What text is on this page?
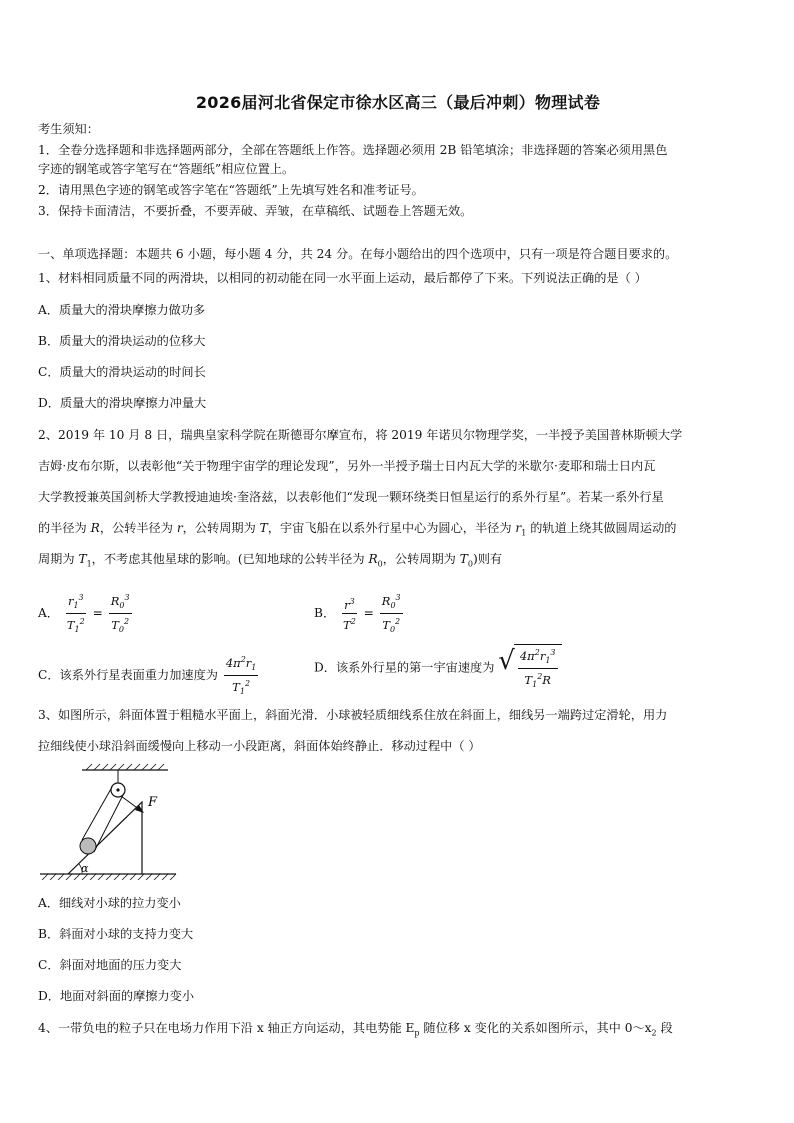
2026届河北省保定市徐水区高三（最后冲刺）物理试卷
考生须知：
1．全卷分选择题和非选择题两部分，全部在答题纸上作答。选择题必须用 2B 铅笔填涂；非选择题的答案必须用黑色
字迹的钢笔或答字笔写在“答题纸”相应位置上。
2．请用黑色字迹的钢笔或答字笔在“答题纸”上先填写姓名和准考证号。
3．保持卡面清洁，不要折叠，不要弄破、弄皱，在草稿纸、试题卷上答题无效。
一、单项选择题：本题共 6 小题，每小题 4 分，共 24 分。在每小题给出的四个选项中，只有一项是符合题目要求的。
1、材料相同质量不同的两滑块，以相同的初动能在同一水平面上运动，最后都停了下来。下列说法正确的是（ ）
A．质量大的滑块摩擦力做功多
B．质量大的滑块运动的位移大
C．质量大的滑块运动的时间长
D．质量大的滑块摩擦力冲量大
2、2019 年 10 月 8 日，瑞典皇家科学院在斯德哥尔摩宣布，将 2019 年诺贝尔物理学奖，一半授予美国普林斯顿大学
吉姆·皮布尔斯，以表彰他“关于物理宇宙学的理论发现”，另外一半授予瑞士日内瓦大学的米歇尔·麦耶和瑞士日内瓦
大学教授兼英国剑桥大学教授迪迪埃·奎洛兹，以表彰他们“发现一颗环绕类日恒星运行的系外行星”。若某一系外行星
的半径为 R，公转半径为 r，公转周期为 T，宇宙飞船在以系外行星中心为圆心，半径为 $r_1$ 的轨道上绕其做圆周运动的
周期为 $T_1$，不考虑其他星球的影响。(已知地球的公转半径为 $R_0$，公转周期为 $T_0$)则有
A． $\frac{r_1^3}{T_1^2} = \frac{R_0^3}{T_0^2}$	B． $\frac{r^3}{T^2} = \frac{R_0^3}{T_0^2}$
C．该系外行星表面重力加速度为 $\frac{4\pi^2r_1}{T_1^2}$	D．该系外行星的第一宇宙速度为 √ $\frac{4\pi^2r_1^3}{T_1^2R}$
3、如图所示，斜面体置于粗糙水平面上，斜面光滑．小球被轻质细线系住放在斜面上，细线另一端跨过定滑轮，用力
拉细线使小球沿斜面缓慢向上移动一小段距离，斜面体始终静止．移动过程中（ ）
F
α
A．细线对小球的拉力变小
B．斜面对小球的支持力变大
C．斜面对地面的压力变大
D．地面对斜面的摩擦力变小
4、一带负电的粒子只在电场力作用下沿 x 轴正方向运动，其电势能 $E_p$ 随位移 x 变化的关系如图所示，其中 $0\sim x_2$ 段
